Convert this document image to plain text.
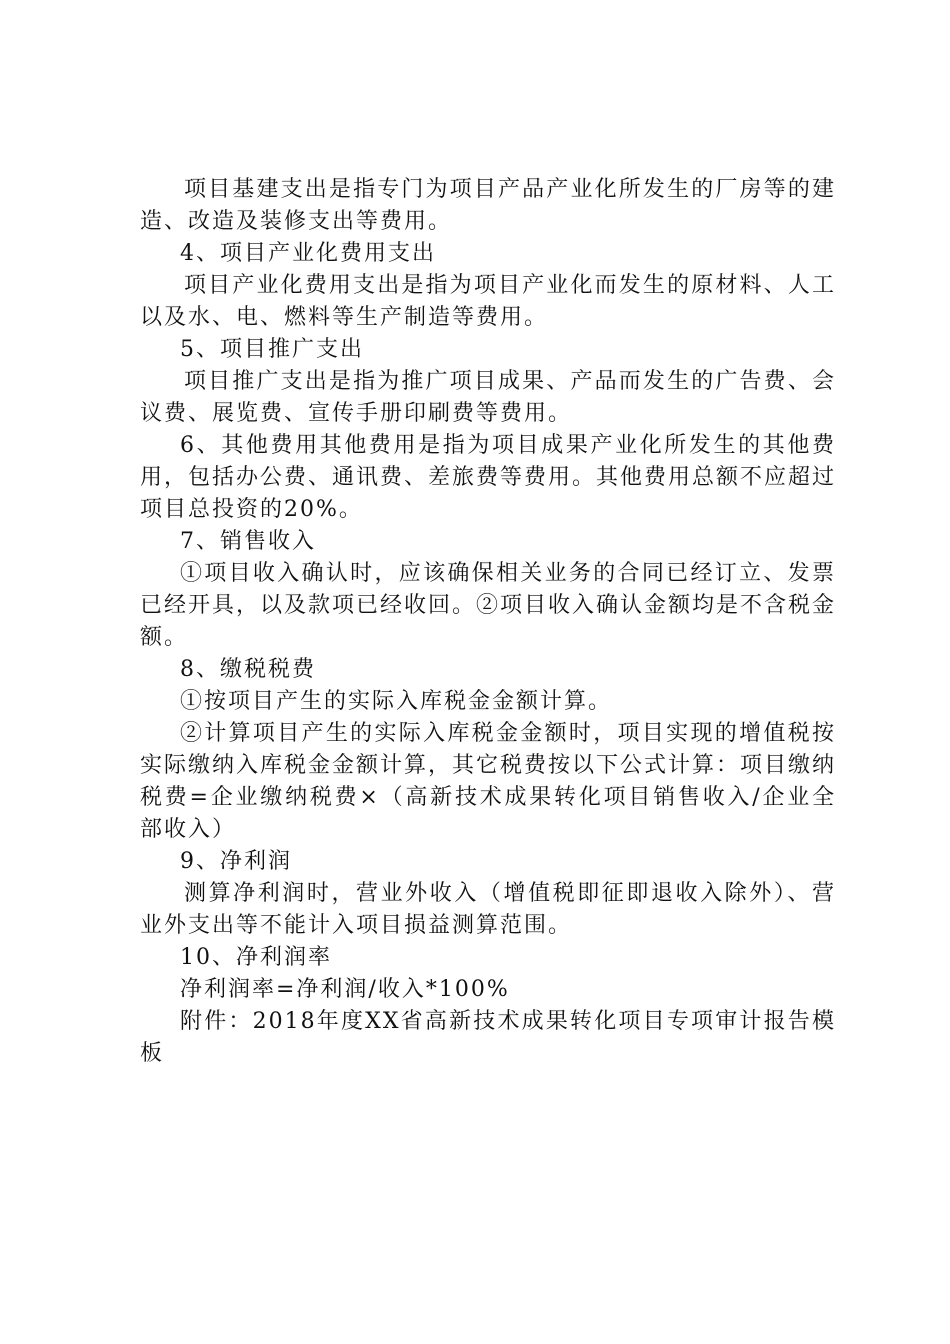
项目基建支出是指专门为项目产品产业化所发生的厂房等的建造、改造及装修支出等费用。

4、项目产业化费用支出

项目产业化费用支出是指为项目产业化而发生的原材料、人工以及水、电、燃料等生产制造等费用。

5、项目推广支出

项目推广支出是指为推广项目成果、产品而发生的广告费、会议费、展览费、宣传手册印刷费等费用。

6、其他费用其他费用是指为项目成果产业化所发生的其他费用，包括办公费、通讯费、差旅费等费用。其他费用总额不应超过项目总投资的20%。

7、销售收入

①项目收入确认时，应该确保相关业务的合同已经订立、发票已经开具，以及款项已经收回。②项目收入确认金额均是不含税金额。

8、缴税税费

①按项目产生的实际入库税金金额计算。

②计算项目产生的实际入库税金金额时，项目实现的增值税按实际缴纳入库税金金额计算，其它税费按以下公式计算：项目缴纳税费=企业缴纳税费×（高新技术成果转化项目销售收入/企业全部收入）

9、净利润

测算净利润时，营业外收入（增值税即征即退收入除外）、营业外支出等不能计入项目损益测算范围。

10、净利润率

净利润率=净利润/收入*100%

附件：2018年度XX省高新技术成果转化项目专项审计报告模板
